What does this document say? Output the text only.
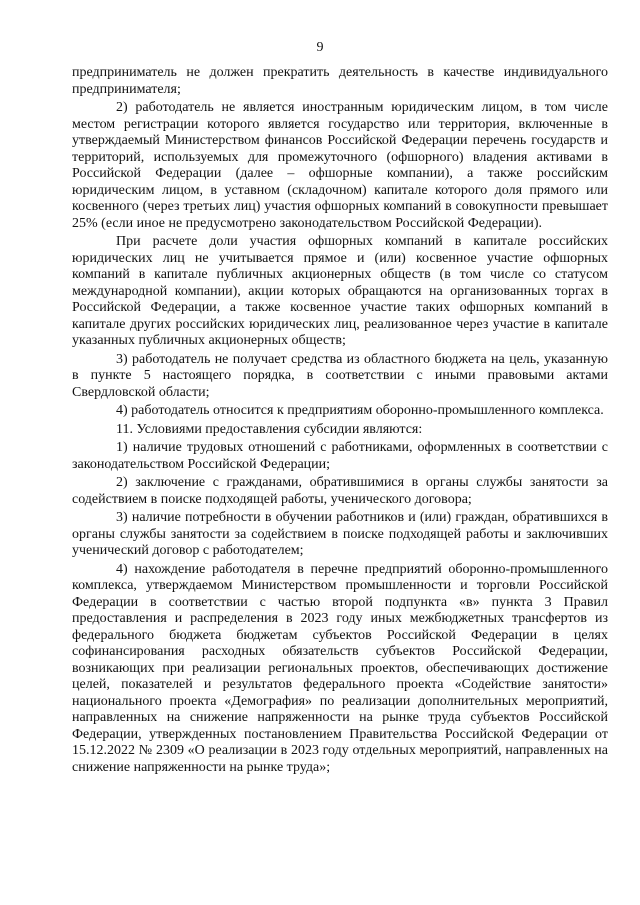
9

предприниматель не должен прекратить деятельность в качестве индивидуального предпринимателя;

2) работодатель не является иностранным юридическим лицом, в том числе местом регистрации которого является государство или территория, включенные в утверждаемый Министерством финансов Российской Федерации перечень государств и территорий, используемых для промежуточного (офшорного) владения активами в Российской Федерации (далее – офшорные компании), а также российским юридическим лицом, в уставном (складочном) капитале которого доля прямого или косвенного (через третьих лиц) участия офшорных компаний в совокупности превышает 25% (если иное не предусмотрено законодательством Российской Федерации).

При расчете доли участия офшорных компаний в капитале российских юридических лиц не учитывается прямое и (или) косвенное участие офшорных компаний в капитале публичных акционерных обществ (в том числе со статусом международной компании), акции которых обращаются на организованных торгах в Российской Федерации, а также косвенное участие таких офшорных компаний в капитале других российских юридических лиц, реализованное через участие в капитале указанных публичных акционерных обществ;

3) работодатель не получает средства из областного бюджета на цель, указанную в пункте 5 настоящего порядка, в соответствии с иными правовыми актами Свердловской области;

4) работодатель относится к предприятиям оборонно-промышленного комплекса.

11. Условиями предоставления субсидии являются:

1) наличие трудовых отношений с работниками, оформленных в соответствии с законодательством Российской Федерации;

2) заключение с гражданами, обратившимися в органы службы занятости за содействием в поиске подходящей работы, ученического договора;

3) наличие потребности в обучении работников и (или) граждан, обратившихся в органы службы занятости за содействием в поиске подходящей работы и заключивших ученический договор с работодателем;

4) нахождение работодателя в перечне предприятий оборонно-промышленного комплекса, утверждаемом Министерством промышленности и торговли Российской Федерации в соответствии с частью второй подпункта «в» пункта 3 Правил предоставления и распределения в 2023 году иных межбюджетных трансфертов из федерального бюджета бюджетам субъектов Российской Федерации в целях софинансирования расходных обязательств субъектов Российской Федерации, возникающих при реализации региональных проектов, обеспечивающих достижение целей, показателей и результатов федерального проекта «Содействие занятости» национального проекта «Демография» по реализации дополнительных мероприятий, направленных на снижение напряженности на рынке труда субъектов Российской Федерации, утвержденных постановлением Правительства Российской Федерации от 15.12.2022 № 2309 «О реализации в 2023 году отдельных мероприятий, направленных на снижение напряженности на рынке труда»;
